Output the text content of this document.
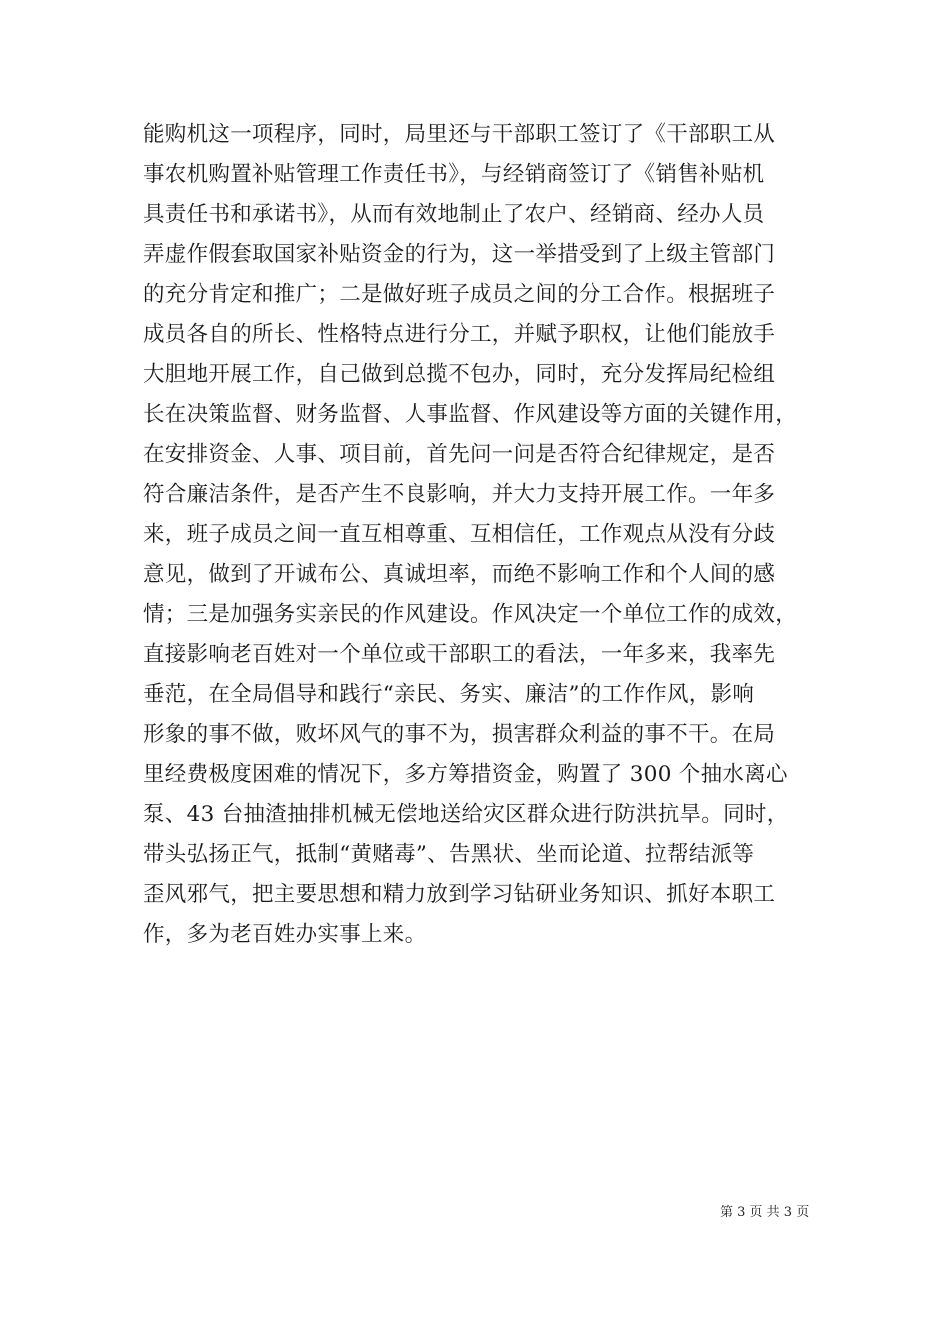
能购机这一项程序，同时，局里还与干部职工签订了《干部职工从
事农机购置补贴管理工作责任书》，与经销商签订了《销售补贴机
具责任书和承诺书》，从而有效地制止了农户、经销商、经办人员
弄虚作假套取国家补贴资金的行为，这一举措受到了上级主管部门
的充分肯定和推广；二是做好班子成员之间的分工合作。根据班子
成员各自的所长、性格特点进行分工，并赋予职权，让他们能放手
大胆地开展工作，自己做到总揽不包办，同时，充分发挥局纪检组
长在决策监督、财务监督、人事监督、作风建设等方面的关键作用，
在安排资金、人事、项目前，首先问一问是否符合纪律规定，是否
符合廉洁条件，是否产生不良影响，并大力支持开展工作。一年多
来，班子成员之间一直互相尊重、互相信任，工作观点从没有分歧
意见，做到了开诚布公、真诚坦率，而绝不影响工作和个人间的感
情；三是加强务实亲民的作风建设。作风决定一个单位工作的成效，
直接影响老百姓对一个单位或干部职工的看法，一年多来，我率先
垂范，在全局倡导和践行“亲民、务实、廉洁”的工作作风，影响
形象的事不做，败坏风气的事不为，损害群众利益的事不干。在局
里经费极度困难的情况下，多方筹措资金，购置了 300 个抽水离心
泵、43 台抽渣抽排机械无偿地送给灾区群众进行防洪抗旱。同时，
带头弘扬正气，抵制“黄赌毒”、告黑状、坐而论道、拉帮结派等
歪风邪气，把主要思想和精力放到学习钻研业务知识、抓好本职工
作，多为老百姓办实事上来。
第 3 页 共 3 页
